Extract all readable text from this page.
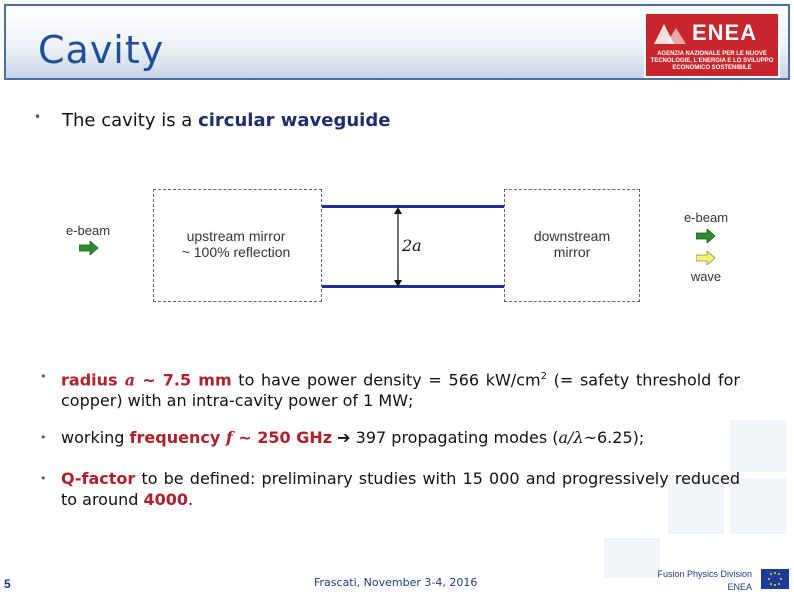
Cavity	ENEA
AGENZIA NAZIONALE PER LE NUOVE TECNOLOGIE, L'ENERGIA E LO SVILUPPO ECONOMICO SOSTENIBILE
• The cavity is a circular waveguide
e-beam	upstream mirror
~ 100% reflection	2a	downstream
mirror
e-beam
wave
• radius a ~ 7.5 mm to have power density = 566 $kW/cm^2$ (= safety threshold for copper) with an intra-cavity power of 1 MW;
• working frequency f ~ 250 GHz ➔ 397 propagating modes (a/λ~6.25);
• Q-factor to be defined: preliminary studies with 15 000 and progressively reduced to around 4000.
5	Frascati, November 3-4, 2016
Fusion Physics Division
ENEA
